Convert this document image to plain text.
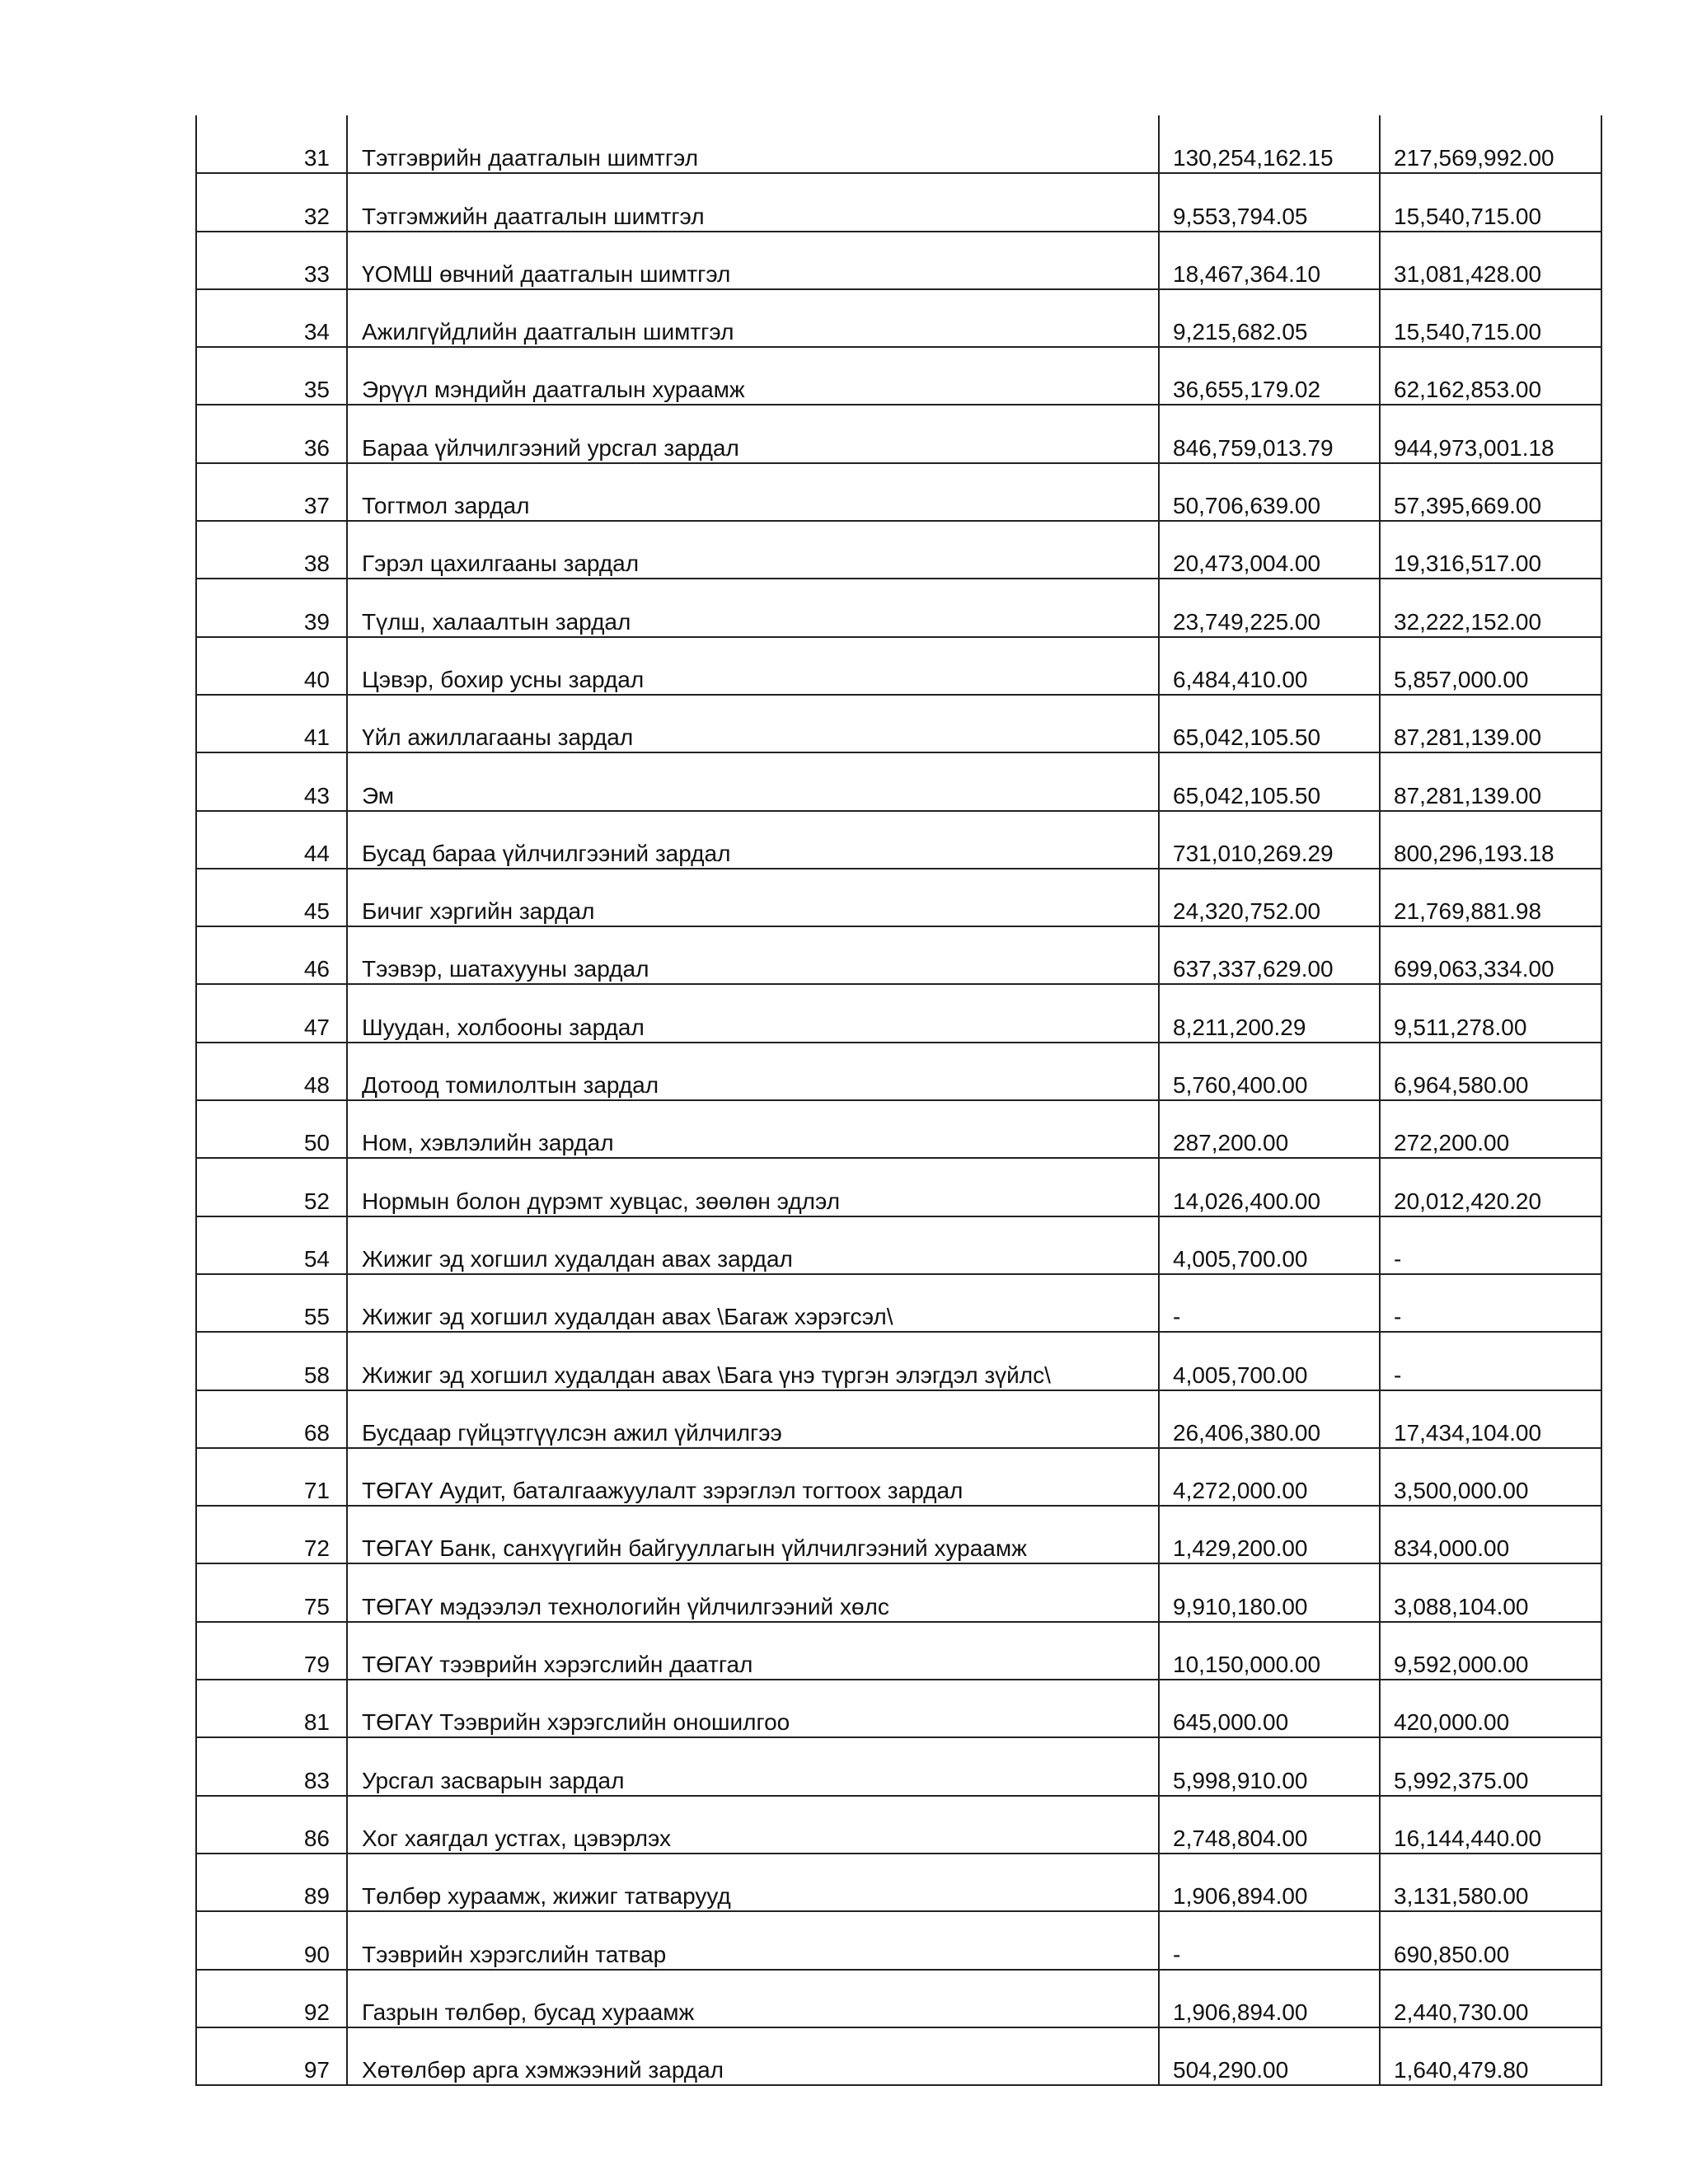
31	Тэтгэврийн даатгалын шимтгэл	130,254,162.15	217,569,992.00
32	Тэтгэмжийн даатгалын шимтгэл	9,553,794.05	15,540,715.00
33	ҮОМШ өвчний даатгалын шимтгэл	18,467,364.10	31,081,428.00
34	Ажилгүйдлийн даатгалын шимтгэл	9,215,682.05	15,540,715.00
35	Эрүүл мэндийн даатгалын хураамж	36,655,179.02	62,162,853.00
36	Бараа үйлчилгээний урсгал зардал	846,759,013.79	944,973,001.18
37	Тогтмол зардал	50,706,639.00	57,395,669.00
38	Гэрэл цахилгааны зардал	20,473,004.00	19,316,517.00
39	Түлш, халаалтын зардал	23,749,225.00	32,222,152.00
40	Цэвэр, бохир усны зардал	6,484,410.00	5,857,000.00
41	Үйл ажиллагааны зардал	65,042,105.50	87,281,139.00
43	Эм	65,042,105.50	87,281,139.00
44	Бусад бараа үйлчилгээний зардал	731,010,269.29	800,296,193.18
45	Бичиг хэргийн зардал	24,320,752.00	21,769,881.98
46	Тээвэр, шатахууны зардал	637,337,629.00	699,063,334.00
47	Шуудан, холбооны зардал	8,211,200.29	9,511,278.00
48	Дотоод томилолтын зардал	5,760,400.00	6,964,580.00
50	Ном, хэвлэлийн зардал	287,200.00	272,200.00
52	Нормын болон дүрэмт хувцас, зөөлөн эдлэл	14,026,400.00	20,012,420.20
54	Жижиг эд хогшил худалдан авах зардал	4,005,700.00	-
55	Жижиг эд хогшил худалдан авах \Багаж хэрэгсэл\	-	-
58	Жижиг эд хогшил худалдан авах \Бага үнэ түргэн элэгдэл зүйлс\	4,005,700.00	-
68	Бусдаар гүйцэтгүүлсэн ажил үйлчилгээ	26,406,380.00	17,434,104.00
71	ТӨГАҮ Аудит, баталгаажуулалт зэрэглэл тогтоох зардал	4,272,000.00	3,500,000.00
72	ТӨГАҮ Банк, санхүүгийн байгууллагын үйлчилгээний хураамж	1,429,200.00	834,000.00
75	ТӨГАҮ мэдээлэл технологийн үйлчилгээний хөлс	9,910,180.00	3,088,104.00
79	ТӨГАҮ тээврийн хэрэгслийн даатгал	10,150,000.00	9,592,000.00
81	ТӨГАҮ Тээврийн хэрэгслийн оношилгоо	645,000.00	420,000.00
83	Урсгал засварын зардал	5,998,910.00	5,992,375.00
86	Хог хаягдал устгах, цэвэрлэх	2,748,804.00	16,144,440.00
89	Төлбөр хураамж, жижиг татварууд	1,906,894.00	3,131,580.00
90	Тээврийн хэрэгслийн татвар	-	690,850.00
92	Газрын төлбөр, бусад хураамж	1,906,894.00	2,440,730.00
97	Хөтөлбөр арга хэмжээний зардал	504,290.00	1,640,479.80
